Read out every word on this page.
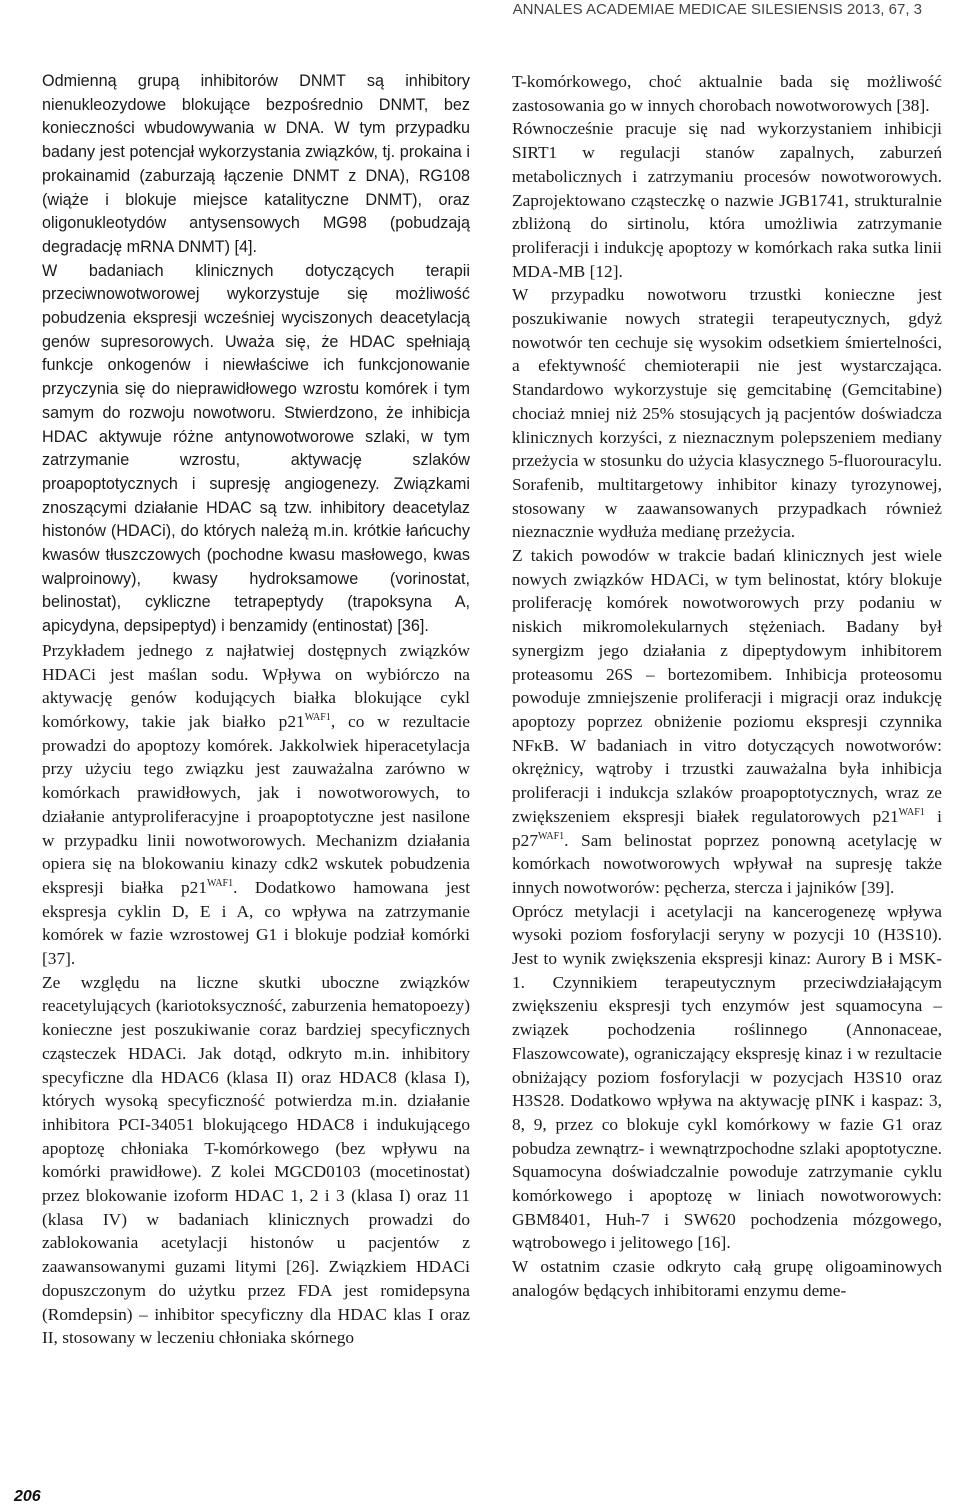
ANNALES ACADEMIAE MEDICAE SILESIENSIS 2013, 67, 3

Odmienną grupą inhibitorów DNMT są inhibitory nienukleozydowe blokujące bezpośrednio DNMT, bez konieczności wbudowywania w DNA. W tym przypadku badany jest potencjał wykorzystania związków, tj. prokaina i prokainamid (zaburzają łączenie DNMT z DNA), RG108 (wiąże i blokuje miejsce katalityczne DNMT), oraz oligonukleotydów antysensowych MG98 (pobudzają degradację mRNA DNMT) [4].

W badaniach klinicznych dotyczących terapii przeciwnowotworowej wykorzystuje się możliwość pobudzenia ekspresji wcześniej wyciszonych deacetylacją genów supresorowych. Uważa się, że HDAC spełniają funkcje onkogenów i niewłaściwe ich funkcjonowanie przyczynia się do nieprawidłowego wzrostu komórek i tym samym do rozwoju nowotworu. Stwierdzono, że inhibicja HDAC aktywuje różne antynowotworowe szlaki, w tym zatrzymanie wzrostu, aktywację szlaków proapoptotycznych i supresję angiogenezy. Związkami znoszącymi działanie HDAC są tzw. inhibitory deacetylaz histonów (HDACi), do których należą m.in. krótkie łańcuchy kwasów tłuszczowych (pochodne kwasu masłowego, kwas walproinowy), kwasy hydroksamowe (vorinostat, belinostat), cykliczne tetrapeptydy (trapoksyna A, apicydyna, depsipeptyd) i benzamidy (entinostat) [36].

Przykładem jednego z najłatwiej dostępnych związków HDACi jest maślan sodu. Wpływa on wybiórczo na aktywację genów kodujących białka blokujące cykl komórkowy, takie jak białko $p21^{WAF1}$, co w rezultacie prowadzi do apoptozy komórek. Jakkolwiek hiperacetylacja przy użyciu tego związku jest zauważalna zarówno w komórkach prawidłowych, jak i nowotworowych, to działanie antyproliferacyjne i proapoptotyczne jest nasilone w przypadku linii nowotworowych. Mechanizm działania opiera się na blokowaniu kinazy cdk2 wskutek pobudzenia ekspresji białka $p21^{WAF1}$. Dodatkowo hamowana jest ekspresja cyklin D, E i A, co wpływa na zatrzymanie komórek w fazie wzrostowej G1 i blokuje podział komórki [37].

Ze względu na liczne skutki uboczne związków reacetylujących (kariotoksyczność, zaburzenia hematopoezy) konieczne jest poszukiwanie coraz bardziej specyficznych cząsteczek HDACi. Jak dotąd, odkryto m.in. inhibitory specyficzne dla HDAC6 (klasa II) oraz HDAC8 (klasa I), których wysoką specyficzność potwierdza m.in. działanie inhibitora PCI-34051 blokującego HDAC8 i indukującego apoptozę chłoniaka T-komórkowego (bez wpływu na komórki prawidłowe). Z kolei MGCD0103 (mocetinostat) przez blokowanie izoform HDAC 1, 2 i 3 (klasa I) oraz 11 (klasa IV) w badaniach klinicznych prowadzi do zablokowania acetylacji histonów u pacjentów z zaawansowanymi guzami litymi [26]. Związkiem HDACi dopuszczonym do użytku przez FDA jest romidepsyna (Romdepsin) – inhibitor specyficzny dla HDAC klas I oraz II, stosowany w leczeniu chłoniaka skórnego

T-komórkowego, choć aktualnie bada się możliwość zastosowania go w innych chorobach nowotworowych [38].

Równocześnie pracuje się nad wykorzystaniem inhibicji SIRT1 w regulacji stanów zapalnych, zaburzeń metabolicznych i zatrzymaniu procesów nowotworowych. Zaprojektowano cząsteczkę o nazwie JGB1741, strukturalnie zbliżoną do sirtinolu, która umożliwia zatrzymanie proliferacji i indukcję apoptozy w komórkach raka sutka linii MDA-MB [12].

W przypadku nowotworu trzustki konieczne jest poszukiwanie nowych strategii terapeutycznych, gdyż nowotwór ten cechuje się wysokim odsetkiem śmiertelności, a efektywność chemioterapii nie jest wystarczająca. Standardowo wykorzystuje się gemcitabinę (Gemcitabine) chociaż mniej niż 25% stosujących ją pacjentów doświadcza klinicznych korzyści, z nieznacznym polepszeniem mediany przeżycia w stosunku do użycia klasycznego 5-fluorouracylu. Sorafenib, multitargetowy inhibitor kinazy tyrozynowej, stosowany w zaawansowanych przypadkach również nieznacznie wydłuża medianę przeżycia.

Z takich powodów w trakcie badań klinicznych jest wiele nowych związków HDACi, w tym belinostat, który blokuje proliferację komórek nowotworowych przy podaniu w niskich mikromolekularnych stężeniach. Badany był synergizm jego działania z dipeptydowym inhibitorem proteasomu 26S – bortezomibem. Inhibicja proteosomu powoduje zmniejszenie proliferacji i migracji oraz indukcję apoptozy poprzez obniżenie poziomu ekspresji czynnika NFκB. W badaniach in vitro dotyczących nowotworów: okrężnicy, wątroby i trzustki zauważalna była inhibicja proliferacji i indukcja szlaków proapoptotycznych, wraz ze zwiększeniem ekspresji białek regulatorowych $p21^{WAF1}$ i $p27^{WAF1}$. Sam belinostat poprzez ponowną acetylację w komórkach nowotworowych wpływał na supresję także innych nowotworów: pęcherza, stercza i jajników [39].

Oprócz metylacji i acetylacji na kancerogenezę wpływa wysoki poziom fosforylacji seryny w pozycji 10 (H3S10). Jest to wynik zwiększenia ekspresji kinaz: Aurory B i MSK-1. Czynnikiem terapeutycznym przeciwdziałającym zwiększeniu ekspresji tych enzymów jest squamocyna – związek pochodzenia roślinnego (Annonaceae, Flaszowcowate), ograniczający ekspresję kinaz i w rezultacie obniżający poziom fosforylacji w pozycjach H3S10 oraz H3S28. Dodatkowo wpływa na aktywację pINK i kaspaz: 3, 8, 9, przez co blokuje cykl komórkowy w fazie G1 oraz pobudza zewnątrz- i wewnątrzpochodne szlaki apoptotyczne. Squamocyna doświadczalnie powoduje zatrzymanie cyklu komórkowego i apoptozę w liniach nowotworowych: GBM8401, Huh-7 i SW620 pochodzenia mózgowego, wątrobowego i jelitowego [16].

W ostatnim czasie odkryto całą grupę oligoaminowych analogów będących inhibitorami enzymu deme-

206
